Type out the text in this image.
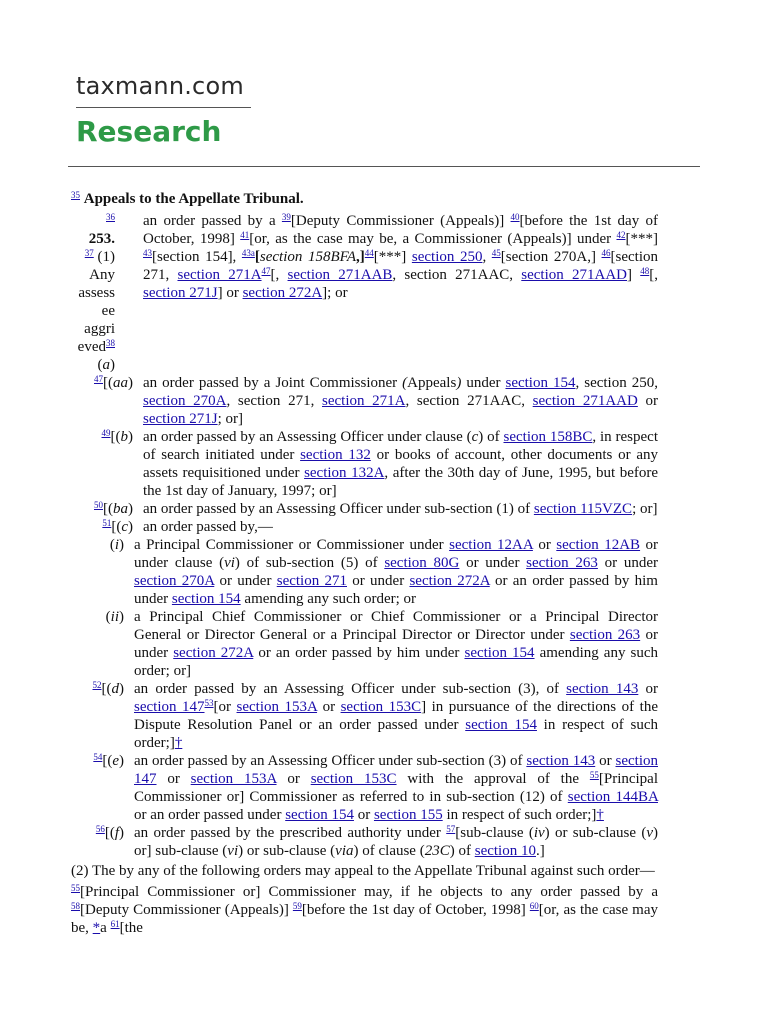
taxmann.com
Research
$^{35}$ Appeals to the Appellate Tribunal.
$^{36}$
253.
$^{37}$ (1)
Any
assess
ee
aggri
eved$^{38}$
(a)
an order passed by a $^{39}$[Deputy Commissioner (Appeals)] $^{40}$[before the 1st day of October, 1998] $^{41}$[or, as the case may be, a Commissioner (Appeals)] under $^{42}$[***] $^{43}$[section 154], $^{43a}$[section 158BFA,]$^{44}$[***] section 250, $^{45}$[section 270A,] $^{46}$[section 271, section 271A$^{47}$[, section 271AAB, section 271AAC, section 271AAD] $^{48}$[, section 271J] or section 272A]; or
$^{47}$[(aa) an order passed by a Joint Commissioner (Appeals) under section 154, section 250, section 270A, section 271, section 271A, section 271AAC, section 271AAD or section 271J; or]
$^{49}$[(b) an order passed by an Assessing Officer under clause (c) of section 158BC, in respect of search initiated under section 132 or books of account, other documents or any assets requisitioned under section 132A, after the 30th day of June, 1995, but before the 1st day of January, 1997; or]
$^{50}$[(ba) an order passed by an Assessing Officer under sub-section (1) of section 115VZC; or]
$^{51}$[(c) an order passed by,—
(i) a Principal Commissioner or Commissioner under section 12AA or section 12AB or under clause (vi) of sub-section (5) of section 80G or under section 263 or under section 270A or under section 271 or under section 272A or an order passed by him under section 154 amending any such order; or
(ii) a Principal Chief Commissioner or Chief Commissioner or a Principal Director General or Director General or a Principal Director or Director under section 263 or under section 272A or an order passed by him under section 154 amending any such order; or]
$^{52}$[(d) an order passed by an Assessing Officer under sub-section (3), of section 143 or section 147$^{53}$[or section 153A or section 153C] in pursuance of the directions of the Dispute Resolution Panel or an order passed under section 154 in respect of such order;]†
$^{54}$[(e) an order passed by an Assessing Officer under sub-section (3) of section 143 or section 147 or section 153A or section 153C with the approval of the $^{55}$[Principal Commissioner or] Commissioner as referred to in sub-section (12) of section 144BA or an order passed under section 154 or section 155 in respect of such order;]†
$^{56}$[(f) an order passed by the prescribed authority under $^{57}$[sub-clause (iv) or sub-clause (v) or] sub-clause (vi) or sub-clause (via) of clause (23C) of section 10.]
(2) The by any of the following orders may appeal to the Appellate Tribunal against such order—
$^{55}$[Principal Commissioner or] Commissioner may, if he objects to any order passed by a $^{58}$[Deputy Commissioner (Appeals)] $^{59}$[before the 1st day of October, 1998] $^{60}$[or, as the case may be, *a $^{61}$[the
